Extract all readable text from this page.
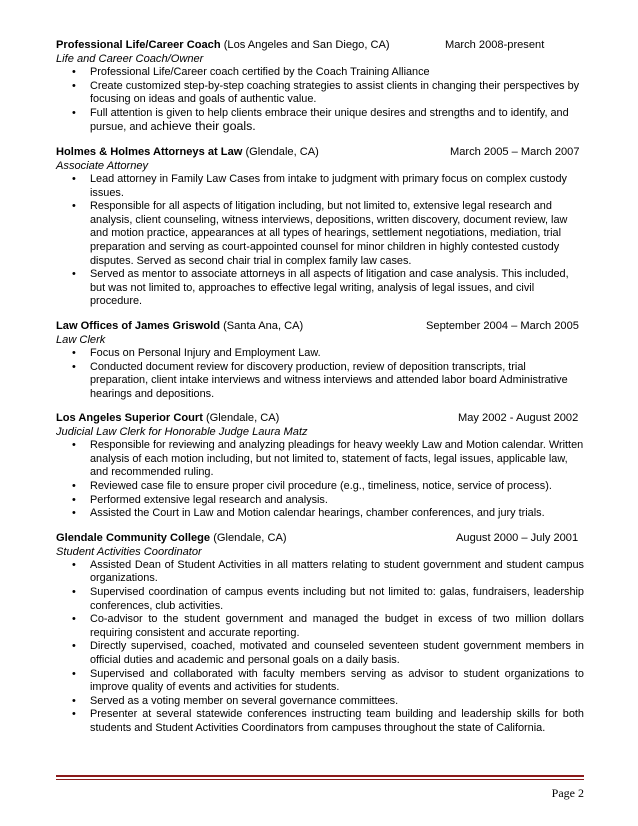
Professional Life/Career Coach (Los Angeles and San Diego, CA)	March 2008-present
Life and Career Coach/Owner
• Professional Life/Career coach certified by the Coach Training Alliance
• Create customized step-by-step coaching strategies to assist clients in changing their perspectives by focusing on ideas and goals of authentic value.
• Full attention is given to help clients embrace their unique desires and strengths and to identify, and pursue, and achieve their goals.
Holmes & Holmes Attorneys at Law (Glendale, CA)	March 2005 – March 2007
Associate Attorney
• Lead attorney in Family Law Cases from intake to judgment with primary focus on complex custody issues.
• Responsible for all aspects of litigation including, but not limited to, extensive legal research and analysis, client counseling, witness interviews, depositions, written discovery, document review, law and motion practice, appearances at all types of hearings, settlement negotiations, mediation, trial preparation and serving as court-appointed counsel for minor children in highly contested custody disputes. Served as second chair trial in complex family law cases.
• Served as mentor to associate attorneys in all aspects of litigation and case analysis. This included, but was not limited to, approaches to effective legal writing, analysis of legal issues, and civil procedure.
Law Offices of James Griswold (Santa Ana, CA)	September 2004 – March 2005
Law Clerk
• Focus on Personal Injury and Employment Law.
• Conducted document review for discovery production, review of deposition transcripts, trial preparation, client intake interviews and witness interviews and attended labor board Administrative hearings and depositions.
Los Angeles Superior Court (Glendale, CA)	May 2002 - August 2002
Judicial Law Clerk for Honorable Judge Laura Matz
• Responsible for reviewing and analyzing pleadings for heavy weekly Law and Motion calendar. Written analysis of each motion including, but not limited to, statement of facts, legal issues, applicable law, and recommended ruling.
• Reviewed case file to ensure proper civil procedure (e.g., timeliness, notice, service of process).
• Performed extensive legal research and analysis.
• Assisted the Court in Law and Motion calendar hearings, chamber conferences, and jury trials.
Glendale Community College (Glendale, CA)	August 2000 – July 2001
Student Activities Coordinator
• Assisted Dean of Student Activities in all matters relating to student government and student campus organizations.
• Supervised coordination of campus events including but not limited to: galas, fundraisers, leadership conferences, club activities.
• Co-advisor to the student government and managed the budget in excess of two million dollars requiring consistent and accurate reporting.
• Directly supervised, coached, motivated and counseled seventeen student government members in official duties and academic and personal goals on a daily basis.
• Supervised and collaborated with faculty members serving as advisor to student organizations to improve quality of events and activities for students.
• Served as a voting member on several governance committees.
• Presenter at several statewide conferences instructing team building and leadership skills for both students and Student Activities Coordinators from campuses throughout the state of California.
Page 2
